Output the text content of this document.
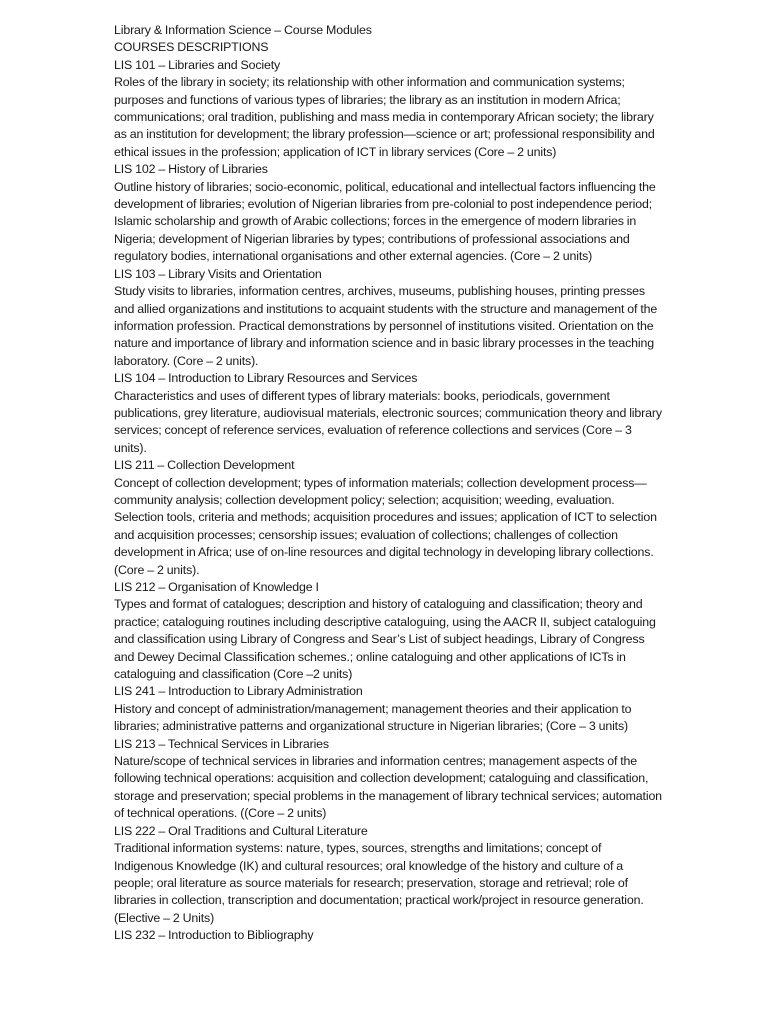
Library & Information Science – Course Modules

COURSES DESCRIPTIONS

LIS 101 – Libraries and Society

Roles of the library in society; its relationship with other information and communication systems; purposes and functions of various types of libraries; the library as an institution in modern Africa; communications; oral tradition, publishing and mass media in contemporary African society; the library as an institution for development; the library profession—science or art; professional responsibility and ethical issues in the profession; application of ICT in library services (Core – 2 units)

LIS 102 – History of Libraries

Outline history of libraries; socio-economic, political, educational and intellectual factors influencing the development of libraries; evolution of Nigerian libraries from pre-colonial to post independence period; Islamic scholarship and growth of Arabic collections; forces in the emergence of modern libraries in Nigeria; development of Nigerian libraries by types; contributions of professional associations and regulatory bodies, international organisations and other external agencies. (Core – 2 units)

LIS 103 – Library Visits and Orientation

Study visits to libraries, information centres, archives, museums, publishing houses, printing presses and allied organizations and institutions to acquaint students with the structure and management of the information profession. Practical demonstrations by personnel of institutions visited. Orientation on the nature and importance of library and information science and in basic library processes in the teaching laboratory. (Core – 2 units).

LIS 104 – Introduction to Library Resources and Services

Characteristics and uses of different types of library materials: books, periodicals, government publications, grey literature, audiovisual materials, electronic sources; communication theory and library services; concept of reference services, evaluation of reference collections and services (Core – 3 units).

LIS 211 – Collection Development

Concept of collection development; types of information materials; collection development process—community analysis; collection development policy; selection; acquisition; weeding, evaluation. Selection tools, criteria and methods; acquisition procedures and issues; application of ICT to selection and acquisition processes; censorship issues; evaluation of collections; challenges of collection development in Africa; use of on-line resources and digital technology in developing library collections. (Core – 2 units).

LIS 212 – Organisation of Knowledge I

Types and format of catalogues; description and history of cataloguing and classification; theory and practice; cataloguing routines including descriptive cataloguing, using the AACR II, subject cataloguing and classification using Library of Congress and Sear’s List of subject headings, Library of Congress and Dewey Decimal Classification schemes.; online cataloguing and other applications of ICTs in cataloguing and classification (Core –2 units)

LIS 241 – Introduction to Library Administration

History and concept of administration/management; management theories and their application to libraries; administrative patterns and organizational structure in Nigerian libraries; (Core – 3 units)

LIS 213 – Technical Services in Libraries

Nature/scope of technical services in libraries and information centres; management aspects of the following technical operations: acquisition and collection development; cataloguing and classification, storage and preservation; special problems in the management of library technical services; automation of technical operations. ((Core – 2 units)

LIS 222 – Oral Traditions and Cultural Literature

Traditional information systems: nature, types, sources, strengths and limitations; concept of Indigenous Knowledge (IK) and cultural resources; oral knowledge of the history and culture of a people; oral literature as source materials for research; preservation, storage and retrieval; role of libraries in collection, transcription and documentation; practical work/project in resource generation. (Elective – 2 Units)

LIS 232 – Introduction to Bibliography
